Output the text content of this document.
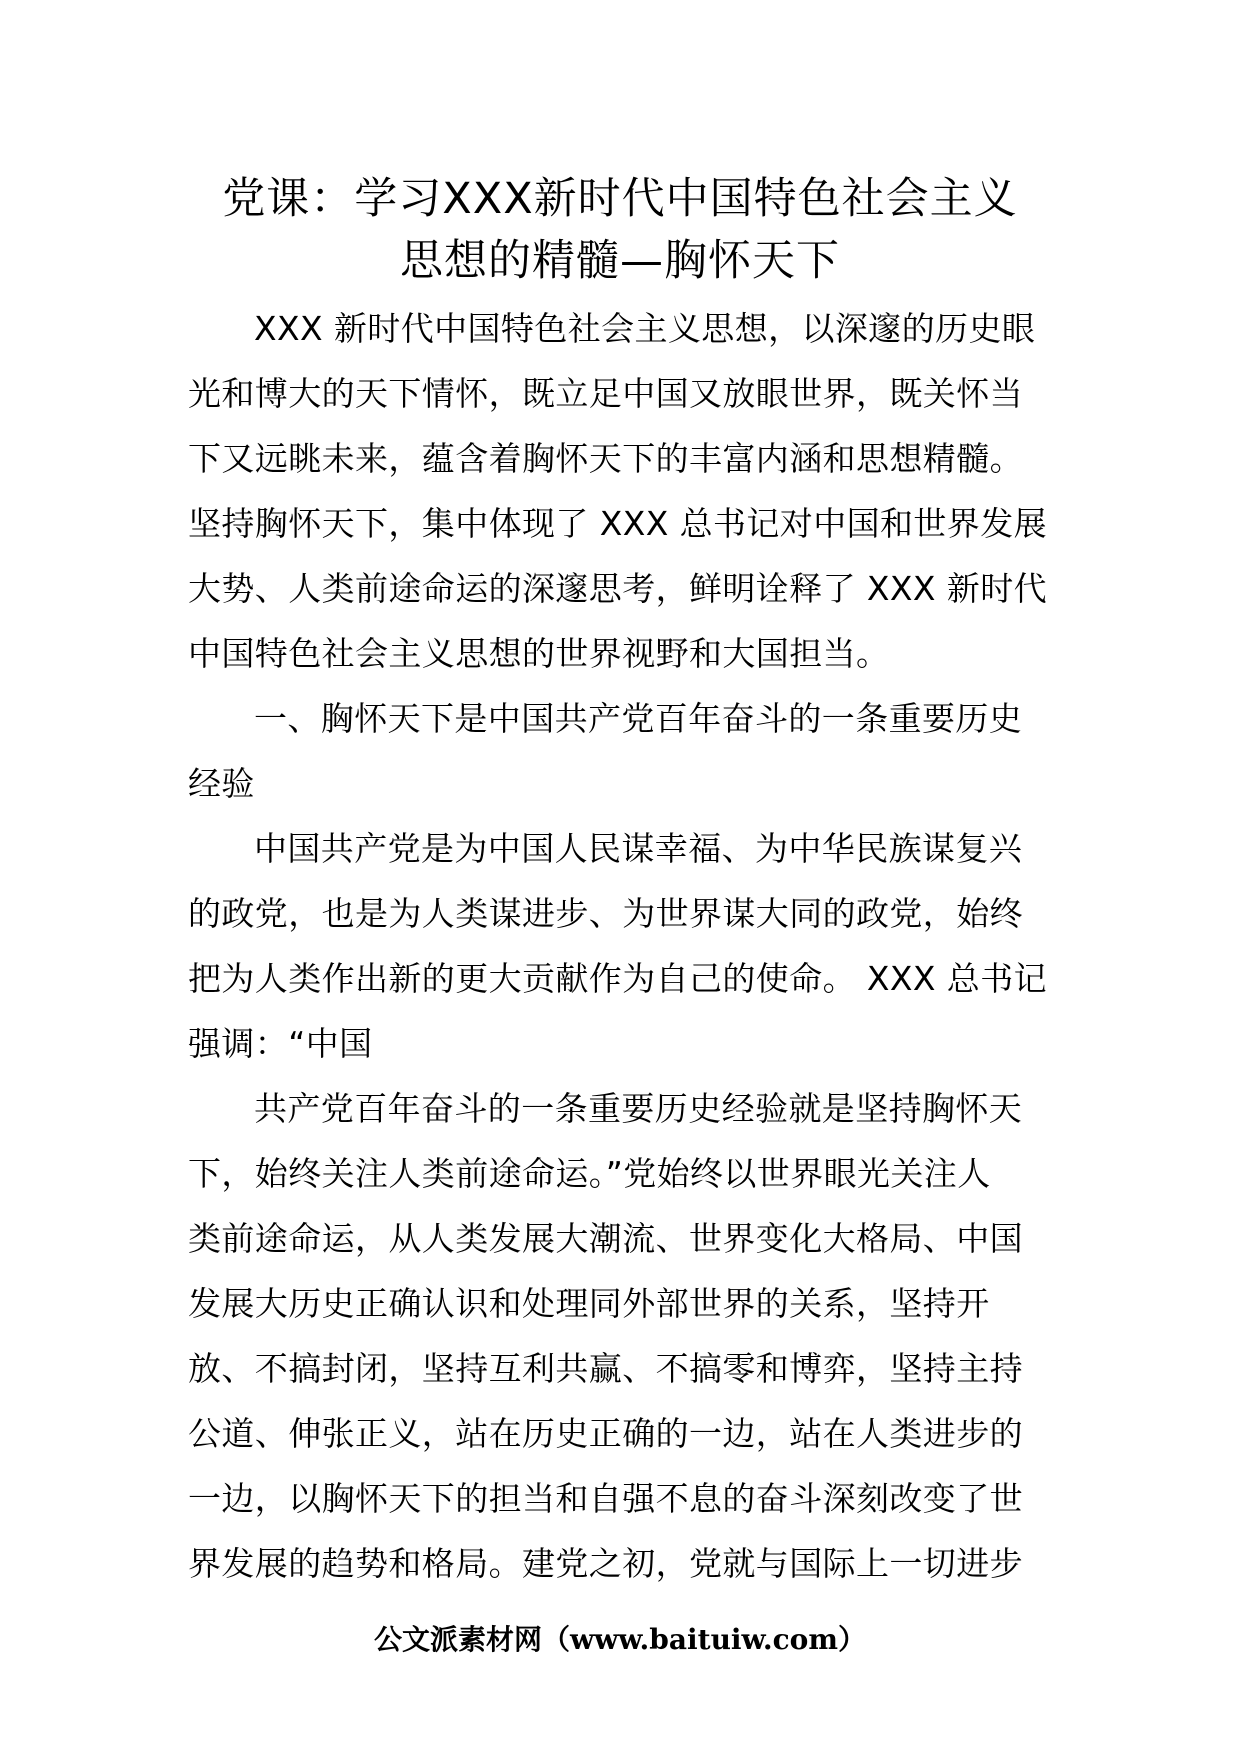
党课：学习XXX新时代中国特色社会主义
思想的精髓—胸怀天下
XXX 新时代中国特色社会主义思想，以深邃的历史眼
光和博大的天下情怀，既立足中国又放眼世界，既关怀当
下又远眺未来，蕴含着胸怀天下的丰富内涵和思想精髓。
坚持胸怀天下，集中体现了 XXX 总书记对中国和世界发展
大势、人类前途命运的深邃思考，鲜明诠释了 XXX 新时代
中国特色社会主义思想的世界视野和大国担当。
一、胸怀天下是中国共产党百年奋斗的一条重要历史
经验
中国共产党是为中国人民谋幸福、为中华民族谋复兴
的政党，也是为人类谋进步、为世界谋大同的政党，始终
把为人类作出新的更大贡献作为自己的使命。 XXX 总书记
强调：“中国
共产党百年奋斗的一条重要历史经验就是坚持胸怀天
下，始终关注人类前途命运。”党始终以世界眼光关注人
类前途命运，从人类发展大潮流、世界变化大格局、中国
发展大历史正确认识和处理同外部世界的关系，坚持开
放、不搞封闭，坚持互利共赢、不搞零和博弈，坚持主持
公道、伸张正义，站在历史正确的一边，站在人类进步的
一边，以胸怀天下的担当和自强不息的奋斗深刻改变了世
界发展的趋势和格局。建党之初，党就与国际上一切进步
公文派素材网（www.baituiw.com）
